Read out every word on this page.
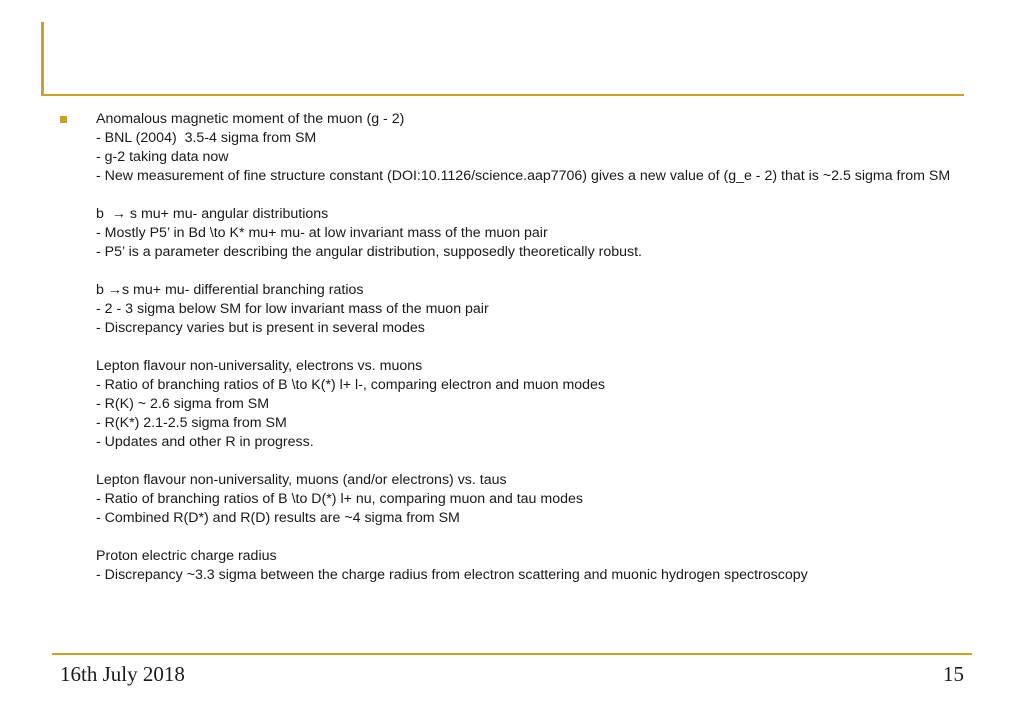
Anomalous magnetic moment of the muon (g - 2)
- BNL (2004)  3.5-4 sigma from SM
- g-2 taking data now
- New measurement of fine structure constant (DOI:10.1126/science.aap7706) gives a new value of (g_e - 2) that is ~2.5 sigma from SM
b  → s mu+ mu- angular distributions
- Mostly P5’ in Bd \to K* mu+ mu- at low invariant mass of the muon pair
- P5’ is a parameter describing the angular distribution, supposedly theoretically robust.
b →s mu+ mu- differential branching ratios
- 2 - 3 sigma below SM for low invariant mass of the muon pair
- Discrepancy varies but is present in several modes
Lepton flavour non-universality, electrons vs. muons
- Ratio of branching ratios of B \to K(*) l+ l-, comparing electron and muon modes
- R(K) ~ 2.6 sigma from SM
- R(K*) 2.1-2.5 sigma from SM
- Updates and other R in progress.
Lepton flavour non-universality, muons (and/or electrons) vs. taus
- Ratio of branching ratios of B \to D(*) l+ nu, comparing muon and tau modes
- Combined R(D*) and R(D) results are ~4 sigma from SM
Proton electric charge radius
- Discrepancy ~3.3 sigma between the charge radius from electron scattering and muonic hydrogen spectroscopy
16th July 2018	15
